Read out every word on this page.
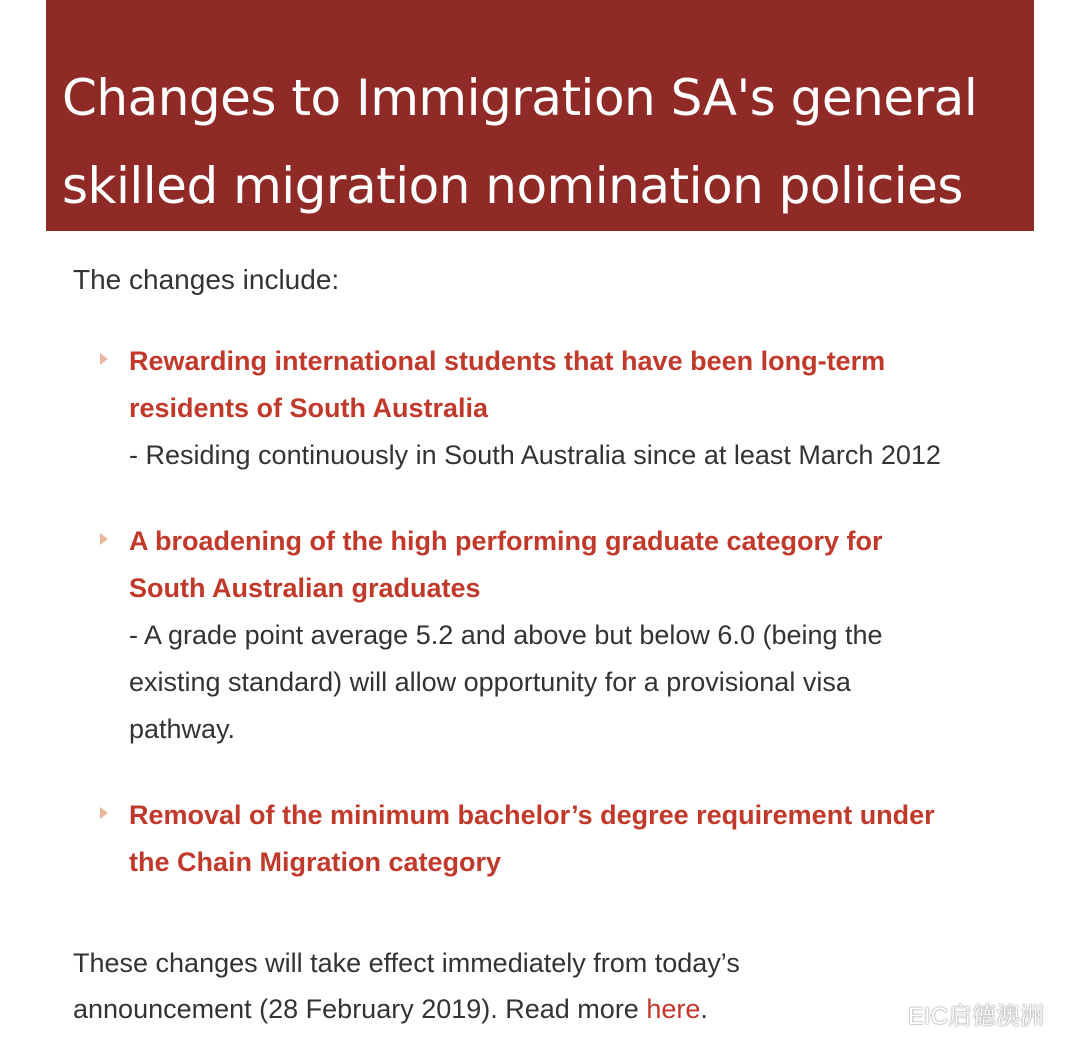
Changes to Immigration SA's general
skilled migration nomination policies
The changes include:
Rewarding international students that have been long-term residents of South Australia
- Residing continuously in South Australia since at least March 2012
A broadening of the high performing graduate category for South Australian graduates
- A grade point average 5.2 and above but below 6.0 (being the existing standard) will allow opportunity for a provisional visa pathway.
Removal of the minimum bachelor’s degree requirement under the Chain Migration category
These changes will take effect immediately from today’s announcement (28 February 2019). Read more here.	EIC启德澳洲
